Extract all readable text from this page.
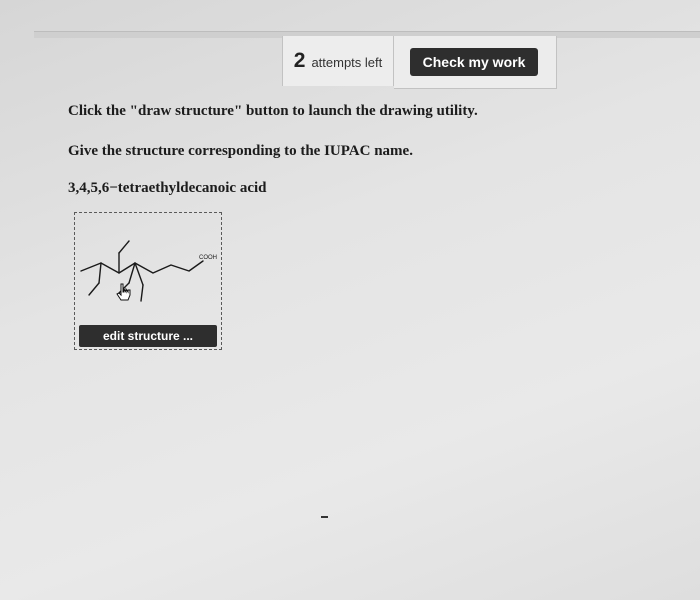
2 attempts left	Check my work
Click the "draw structure" button to launch the drawing utility.
Give the structure corresponding to the IUPAC name.
3,4,5,6−tetraethyldecanoic acid
COOH
edit structure ...
